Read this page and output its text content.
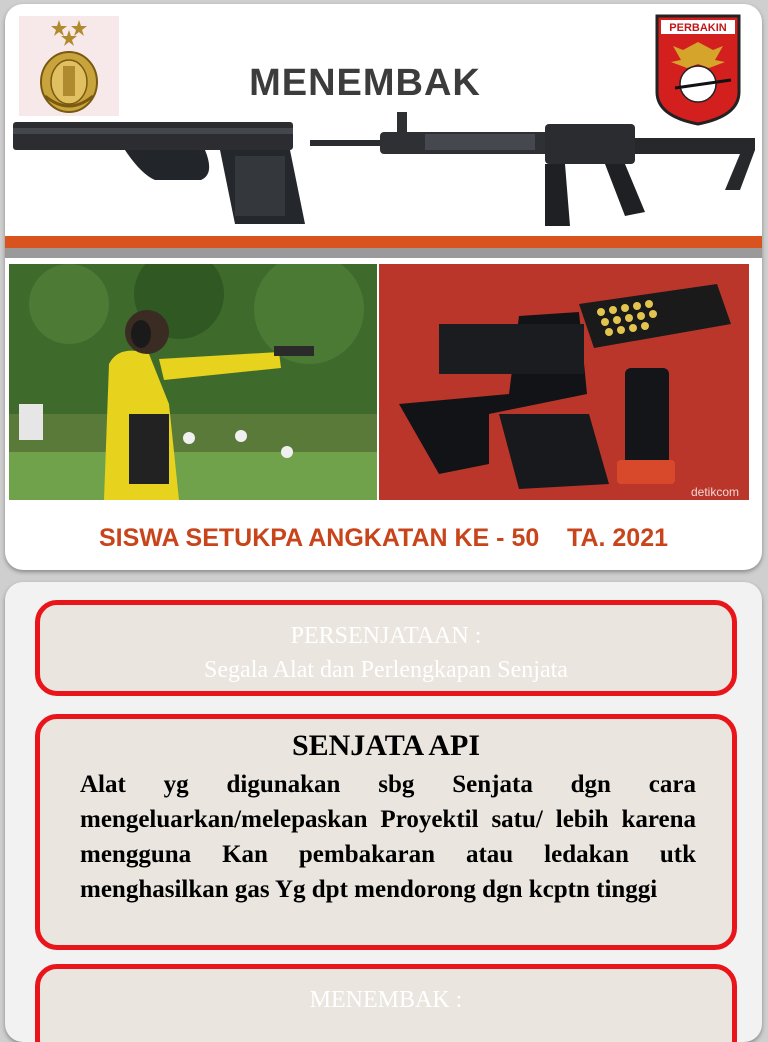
MENEMBAK
PERBAKIN
detikcom
SISWA SETUKPA ANGKATAN KE - 50    TA. 2021
PERSENJATAAN :
Segala Alat dan Perlengkapan Senjata
SENJATA API
Alat yg digunakan sbg Senjata dgn cara mengeluarkan/melepaskan Proyektil satu/ lebih karena mengguna Kan pembakaran atau ledakan utk menghasilkan gas Yg dpt mendorong dgn kcptn tinggi
MENEMBAK :
